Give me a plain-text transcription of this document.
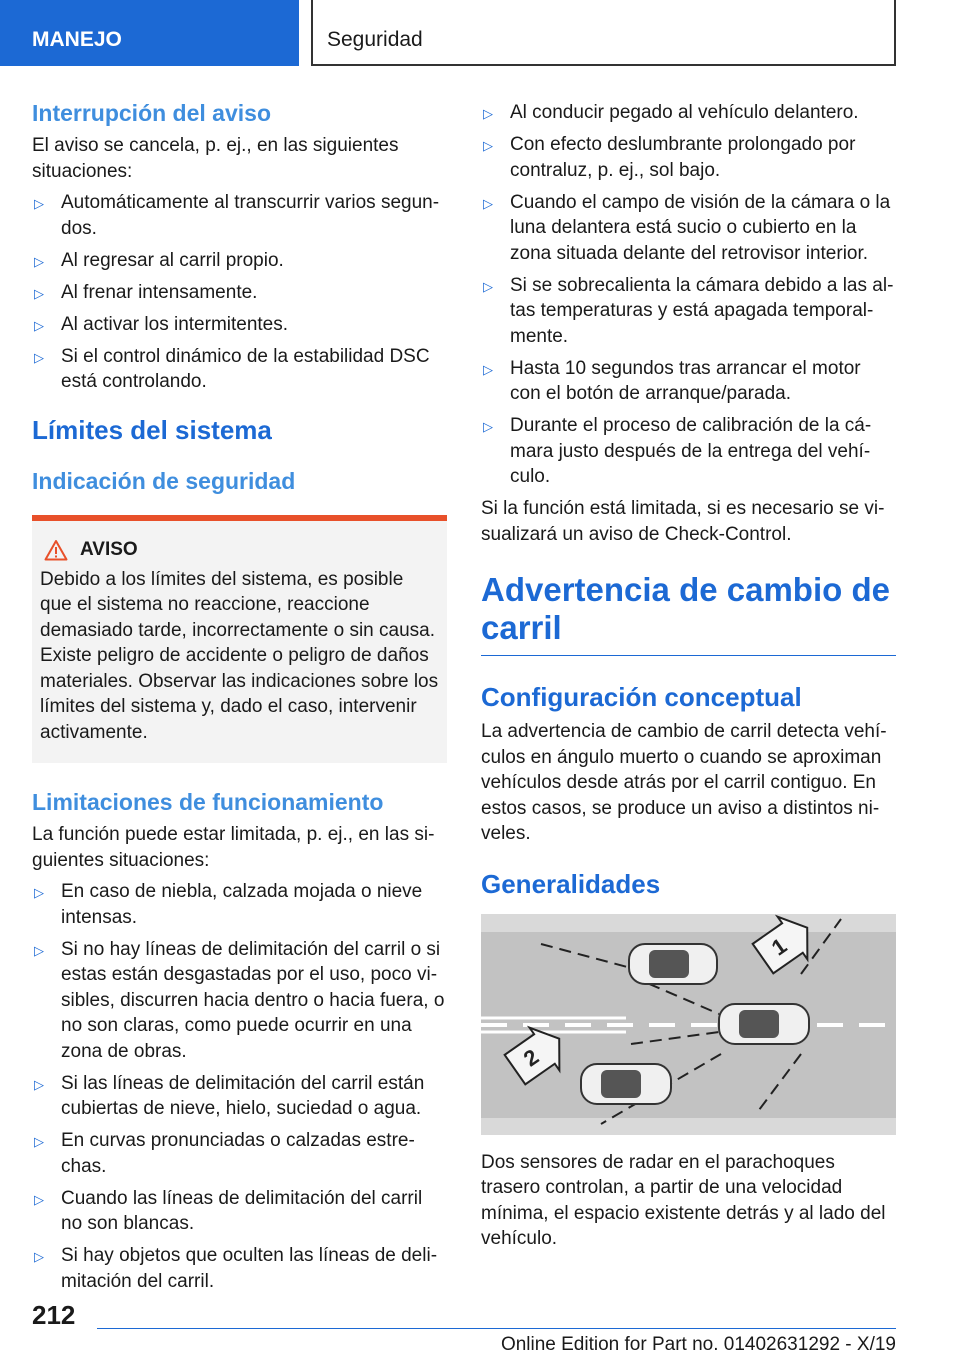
MANEJO	Seguridad
Interrupción del aviso
El aviso se cancela, p. ej., en las siguientes situaciones:
▷ Automáticamente al transcurrir varios segundos.
▷ Al regresar al carril propio.
▷ Al frenar intensamente.
▷ Al activar los intermitentes.
▷ Si el control dinámico de la estabilidad DSC está controlando.
Límites del sistema
Indicación de seguridad
AVISO
Debido a los límites del sistema, es posible que el sistema no reaccione, reaccione demasiado tarde, incorrectamente o sin causa. Existe peligro de accidente o peligro de daños materiales. Observar las indicaciones sobre los límites del sistema y, dado el caso, intervenir activamente.
Limitaciones de funcionamiento
La función puede estar limitada, p. ej., en las siguientes situaciones:
▷ En caso de niebla, calzada mojada o nieve intensas.
▷ Si no hay líneas de delimitación del carril o si estas están desgastadas por el uso, poco visibles, discurren hacia dentro o hacia fuera, o no son claras, como puede ocurrir en una zona de obras.
▷ Si las líneas de delimitación del carril están cubiertas de nieve, hielo, suciedad o agua.
▷ En curvas pronunciadas o calzadas estrechas.
▷ Cuando las líneas de delimitación del carril no son blancas.
▷ Si hay objetos que oculten las líneas de delimitación del carril.
▷ Al conducir pegado al vehículo delantero.
▷ Con efecto deslumbrante prolongado por contraluz, p. ej., sol bajo.
▷ Cuando el campo de visión de la cámara o la luna delantera está sucio o cubierto en la zona situada delante del retrovisor interior.
▷ Si se sobrecalienta la cámara debido a las altas temperaturas y está apagada temporalmente.
▷ Hasta 10 segundos tras arrancar el motor con el botón de arranque/parada.
▷ Durante el proceso de calibración de la cámara justo después de la entrega del vehículo.
Si la función está limitada, si es necesario se visualizará un aviso de Check-Control.
Advertencia de cambio de carril
Configuración conceptual
La advertencia de cambio de carril detecta vehículos en ángulo muerto o cuando se aproximan vehículos desde atrás por el carril contiguo. En estos casos, se produce un aviso a distintos niveles.
Generalidades
1
2
Dos sensores de radar en el parachoques trasero controlan, a partir de una velocidad mínima, el espacio existente detrás y al lado del vehículo.
212
Online Edition for Part no. 01402631292 - X/19
